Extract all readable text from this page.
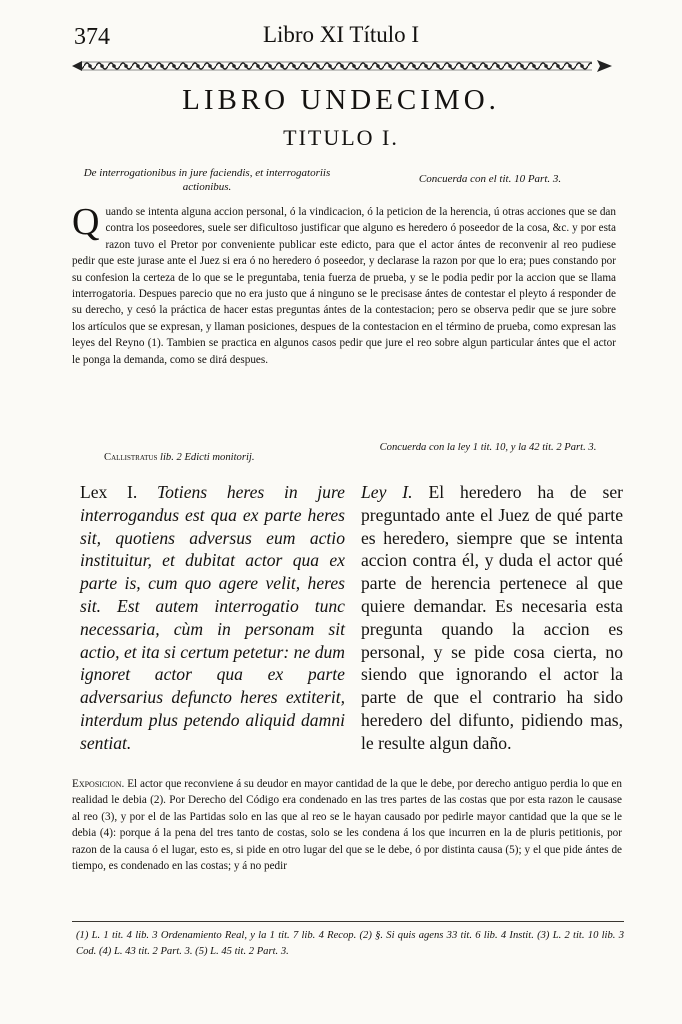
374	Libro XI Título I
LIBRO UNDECIMO.
TITULO I.
De interrogationibus in jure faciendis, et interrogatoriis actionibus.
Concuerda con el tit. 10 Part. 3.
Q uando se intenta alguna accion personal, ó la vindicacion, ó la peticion de la herencia, ú otras acciones que se dan contra los poseedores, suele ser dificultoso justificar que alguno es heredero ó poseedor de la cosa, &c. y por esta razon tuvo el Pretor por conveniente publicar este edicto, para que el actor ántes de reconvenir al reo pudiese pedir que este jurase ante el Juez si era ó no heredero ó poseedor, y declarase la razon por que lo era; pues constando por su confesion la certeza de lo que se le preguntaba, tenia fuerza de prueba, y se le podia pedir por la accion que se llama interrogatoria. Despues parecio que no era justo que á ninguno se le precisase ántes de contestar el pleyto á responder de su derecho, y cesó la práctica de hacer estas preguntas ántes de la contestacion; pero se observa pedir que se jure sobre los artículos que se expresan, y llaman posiciones, despues de la contestacion en el término de prueba, como expresan las leyes del Reyno (1). Tambien se practica en algunos casos pedir que jure el reo sobre algun particular ántes que el actor le ponga la demanda, como se dirá despues.
Callistratus lib. 2 Edicti monitorij.
Concuerda con la ley 1 tit. 10, y la 42 tit. 2 Part. 3.
Lex I. Totiens heres in jure interrogandus est qua ex parte heres sit, quotiens adversus eum actio instituitur, et dubitat actor qua ex parte is, cum quo agere velit, heres sit. Est autem interrogatio tunc necessaria, cùm in personam sit actio, et ita si certum petetur: ne dum ignoret actor qua ex parte adversarius defuncto heres extiterit, interdum plus petendo aliquid damni sentiat.
Ley I. El heredero ha de ser preguntado ante el Juez de qué parte es heredero, siempre que se intenta accion contra él, y duda el actor qué parte de herencia pertenece al que quiere demandar. Es necesaria esta pregunta quando la accion es personal, y se pide cosa cierta, no siendo que ignorando el actor la parte de que el contrario ha sido heredero del difunto, pidiendo mas, le resulte algun daño.
Exposicion. El actor que reconviene á su deudor en mayor cantidad de la que le debe, por derecho antiguo perdia lo que en realidad le debia (2). Por Derecho del Código era condenado en las tres partes de las costas que por esta razon le causase al reo (3), y por el de las Partidas solo en las que al reo se le hayan causado por pedirle mayor cantidad que la que se le debia (4): porque á la pena del tres tanto de costas, solo se les condena á los que incurren en la de pluris petitionis, por razon de la causa ó el lugar, esto es, si pide en otro lugar del que se le debe, ó por distinta causa (5); y el que pide ántes de tiempo, es condenado en las costas; y á no pedir
(1) L. 1 tit. 4 lib. 3 Ordenamiento Real, y la 1 tit. 7 lib. 4 Recop. (2) §. Si quis agens 33 tit. 6 lib. 4 Instit. (3) L. 2 tit. 10 lib. 3 Cod. (4) L. 43 tit. 2 Part. 3. (5) L. 45 tit. 2 Part. 3.
